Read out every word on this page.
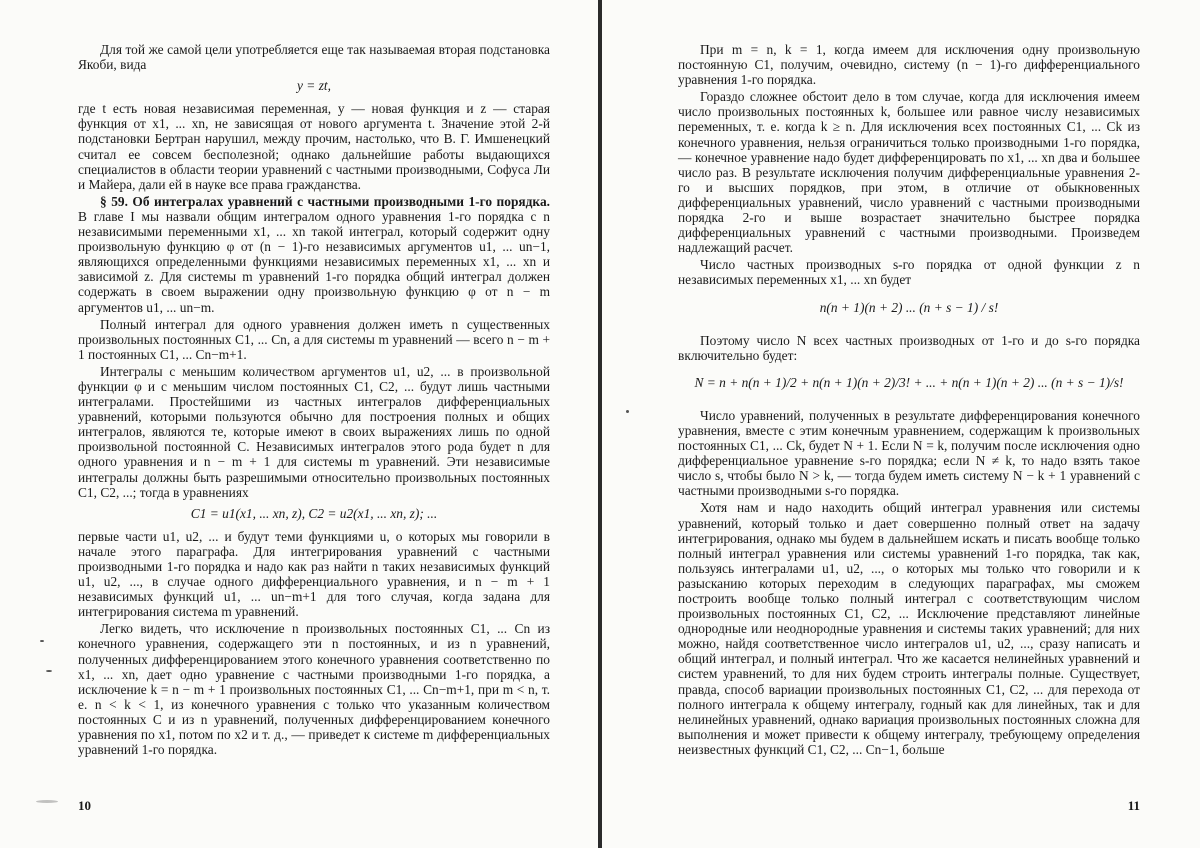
Для той же самой цели употребляется еще так называемая вторая подстановка Якоби, вида

y = zt,

где t есть новая независимая переменная, y — новая функция и z — старая функция от x1, ... xn, не зависящая от нового аргумента t. Значение этой 2-й подстановки Бертран нарушил, между прочим, настолько, что В. Г. Имшенецкий считал ее совсем бесполезной; однако дальнейшие работы выдающихся специалистов в области теории уравнений с частными производными, Софуса Ли и Майера, дали ей в науке все права гражданства.

§ 59. Об интегралах уравнений с частными производными 1-го порядка. В главе I мы назвали общим интегралом одного уравнения 1-го порядка с n независимыми переменными x1, ... xn такой интеграл, который содержит одну произвольную функцию φ от (n − 1)-го независимых аргументов u1, ... un−1, являющихся определенными функциями независимых переменных x1, ... xn и зависимой z. Для системы m уравнений 1-го порядка общий интеграл должен содержать в своем выражении одну произвольную функцию φ от n − m аргументов u1, ... un−m.

Полный интеграл для одного уравнения должен иметь n существенных произвольных постоянных C1, ... Cn, а для системы m уравнений — всего n − m + 1 постоянных C1, ... Cn−m+1.

Интегралы с меньшим количеством аргументов u1, u2, ... в произвольной функции φ и с меньшим числом постоянных C1, C2, ... будут лишь частными интегралами. Простейшими из частных интегралов дифференциальных уравнений, которыми пользуются обычно для построения полных и общих интегралов, являются те, которые имеют в своих выражениях лишь по одной произвольной постоянной C. Независимых интегралов этого рода будет n для одного уравнения и n − m + 1 для системы m уравнений. Эти независимые интегралы должны быть разрешимыми относительно произвольных постоянных C1, C2, ...; тогда в уравнениях

C1 = u1(x1, ... xn, z), C2 = u2(x1, ... xn, z); ...

первые части u1, u2, ... и будут теми функциями u, о которых мы говорили в начале этого параграфа. Для интегрирования уравнений с частными производными 1-го порядка и надо как раз найти n таких независимых функций u1, u2, ..., в случае одного дифференциального уравнения, и n − m + 1 независимых функций u1, ... un−m+1 для того случая, когда задана для интегрирования система m уравнений.

Легко видеть, что исключение n произвольных постоянных C1, ... Cn из конечного уравнения, содержащего эти n постоянных, и из n уравнений, полученных дифференцированием этого конечного уравнения соответственно по x1, ... xn, дает одно уравнение с частными производными 1-го порядка, а исключение k = n − m + 1 произвольных постоянных C1, ... Cn−m+1, при m < n, т. е. n < k < 1, из конечного уравнения с только что указанным количеством постоянных C и из n уравнений, полученных дифференцированием конечного уравнения по x1, потом по x2 и т. д., — приведет к системе m дифференциальных уравнений 1-го порядка.

10

При m = n, k = 1, когда имеем для исключения одну произвольную постоянную C1, получим, очевидно, систему (n − 1)-го дифференциального уравнения 1-го порядка.

Гораздо сложнее обстоит дело в том случае, когда для исключения имеем число произвольных постоянных k, большее или равное числу независимых переменных, т. е. когда k ≥ n. Для исключения всех постоянных C1, ... Ck из конечного уравнения, нельзя ограничиться только производными 1-го порядка, — конечное уравнение надо будет дифференцировать по x1, ... xn два и большее число раз. В результате исключения получим дифференциальные уравнения 2-го и высших порядков, при этом, в отличие от обыкновенных дифференциальных уравнений, число уравнений с частными производными порядка 2-го и выше возрастает значительно быстрее порядка дифференциальных уравнений с частными производными. Произведем надлежащий расчет.

Число частных производных s-го порядка от одной функции z n независимых переменных x1, ... xn будет

n(n + 1)(n + 2) ... (n + s − 1) / s!

Поэтому число N всех частных производных от 1-го и до s-го порядка включительно будет:

N = n + n(n + 1)/2 + n(n + 1)(n + 2)/3! + ... + n(n + 1)(n + 2) ... (n + s − 1)/s!

Число уравнений, полученных в результате дифференцирования конечного уравнения, вместе с этим конечным уравнением, содержащим k произвольных постоянных C1, ... Ck, будет N + 1. Если N = k, получим после исключения одно дифференциальное уравнение s-го порядка; если N ≠ k, то надо взять такое число s, чтобы было N > k, — тогда будем иметь систему N − k + 1 уравнений с частными производными s-го порядка.

Хотя нам и надо находить общий интеграл уравнения или системы уравнений, который только и дает совершенно полный ответ на задачу интегрирования, однако мы будем в дальнейшем искать и писать вообще только полный интеграл уравнения или системы уравнений 1-го порядка, так как, пользуясь интегралами u1, u2, ..., о которых мы только что говорили и к разысканию которых переходим в следующих параграфах, мы сможем построить вообще только полный интеграл с соответствующим числом произвольных постоянных C1, C2, ... Исключение представляют линейные однородные или неоднородные уравнения и системы таких уравнений; для них можно, найдя соответственное число интегралов u1, u2, ..., сразу написать и общий интеграл, и полный интеграл. Что же касается нелинейных уравнений и систем уравнений, то для них будем строить интегралы полные. Существует, правда, способ вариации произвольных постоянных C1, C2, ... для перехода от полного интеграла к общему интегралу, годный как для линейных, так и для нелинейных уравнений, однако вариация произвольных постоянных сложна для выполнения и может привести к общему интегралу, требующему определения неизвестных функций C1, C2, ... Cn−1, больше

11
